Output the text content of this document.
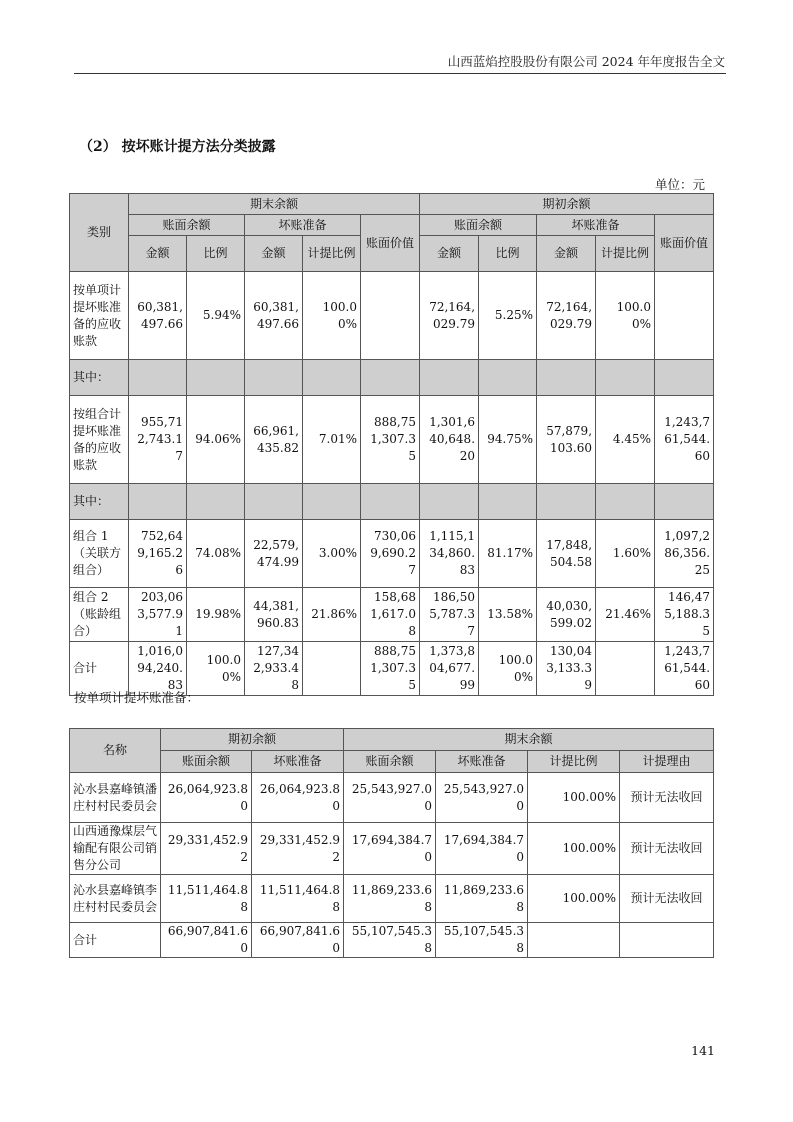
山西蓝焰控股股份有限公司 2024 年年度报告全文
（2） 按坏账计提方法分类披露
单位：元
类别	期末余额					期初余额				
	账面余额		坏账准备		账面价值	账面余额		坏账准备		账面价值
	金额	比例	金额	计提比例		金额	比例	金额	计提比例	
按单项计提坏账准备的应收账款	60,381,497.66	5.94%	60,381,497.66	100.00%		72,164,029.79	5.25%	72,164,029.79	100.00%	
其中：										
按组合计提坏账准备的应收账款	955,712,743.17	94.06%	66,961,435.82	7.01%	888,751,307.35	1,301,640,648.20	94.75%	57,879,103.60	4.45%	1,243,761,544.60
其中：										
组合 1（关联方组合）	752,649,165.26	74.08%	22,579,474.99	3.00%	730,069,690.27	1,115,134,860.83	81.17%	17,848,504.58	1.60%	1,097,286,356.25
组合 2（账龄组合）	203,063,577.91	19.98%	44,381,960.83	21.86%	158,681,617.08	186,505,787.37	13.58%	40,030,599.02	21.46%	146,475,188.35
合计	1,016,094,240.83	100.00%	127,342,933.48		888,751,307.35	1,373,804,677.99	100.00%	130,043,133.39		1,243,761,544.60
按单项计提坏账准备：
名称	期初余额		期末余额			
	账面余额	坏账准备	账面余额	坏账准备	计提比例	计提理由
沁水县嘉峰镇潘庄村村民委员会	26,064,923.80	26,064,923.80	25,543,927.00	25,543,927.00	100.00%	预计无法收回
山西通豫煤层气输配有限公司销售分公司	29,331,452.92	29,331,452.92	17,694,384.70	17,694,384.70	100.00%	预计无法收回
沁水县嘉峰镇李庄村村民委员会	11,511,464.88	11,511,464.88	11,869,233.68	11,869,233.68	100.00%	预计无法收回
合计	66,907,841.60	66,907,841.60	55,107,545.38	55,107,545.38		
141
